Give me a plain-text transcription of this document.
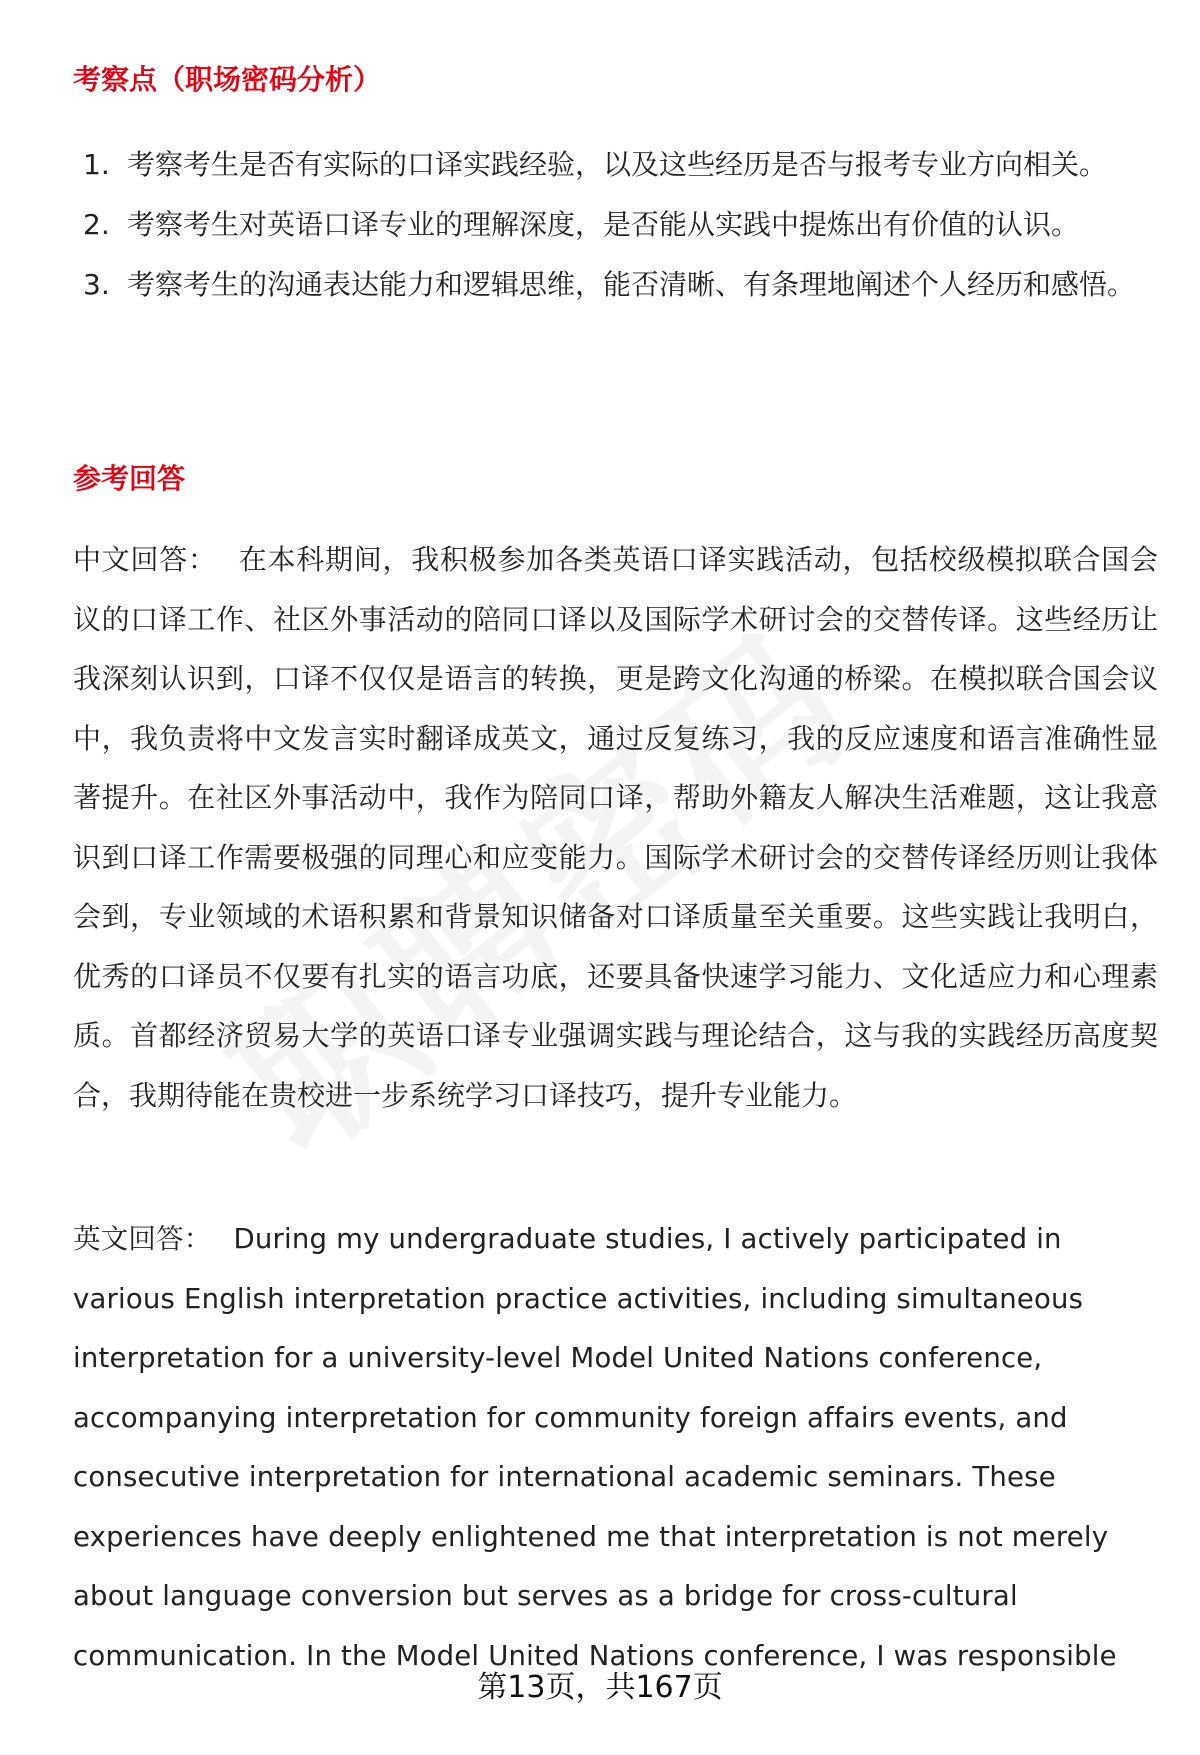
考察点（职场密码分析）
1. 考察考生是否有实际的口译实践经验，以及这些经历是否与报考专业方向相关。
2. 考察考生对英语口译专业的理解深度，是否能从实践中提炼出有价值的认识。
3. 考察考生的沟通表达能力和逻辑思维，能否清晰、有条理地阐述个人经历和感悟。
参考回答

中文回答： 在本科期间，我积极参加各类英语口译实践活动，包括校级模拟联合国会议的口译工作、社区外事活动的陪同口译以及国际学术研讨会的交替传译。这些经历让我深刻认识到，口译不仅仅是语言的转换，更是跨文化沟通的桥梁。在模拟联合国会议中，我负责将中文发言实时翻译成英文，通过反复练习，我的反应速度和语言准确性显著提升。在社区外事活动中，我作为陪同口译，帮助外籍友人解决生活难题，这让我意识到口译工作需要极强的同理心和应变能力。国际学术研讨会的交替传译经历则让我体会到，专业领域的术语积累和背景知识储备对口译质量至关重要。这些实践让我明白，优秀的口译员不仅要有扎实的语言功底，还要具备快速学习能力、文化适应力和心理素质。首都经济贸易大学的英语口译专业强调实践与理论结合，这与我的实践经历高度契合，我期待能在贵校进一步系统学习口译技巧，提升专业能力。

英文回答： During my undergraduate studies, I actively participated in various English interpretation practice activities, including simultaneous interpretation for a university-level Model United Nations conference, accompanying interpretation for community foreign affairs events, and consecutive interpretation for international academic seminars. These experiences have deeply enlightened me that interpretation is not merely about language conversion but serves as a bridge for cross-cultural communication. In the Model United Nations conference, I was responsible

第13页，共167页
